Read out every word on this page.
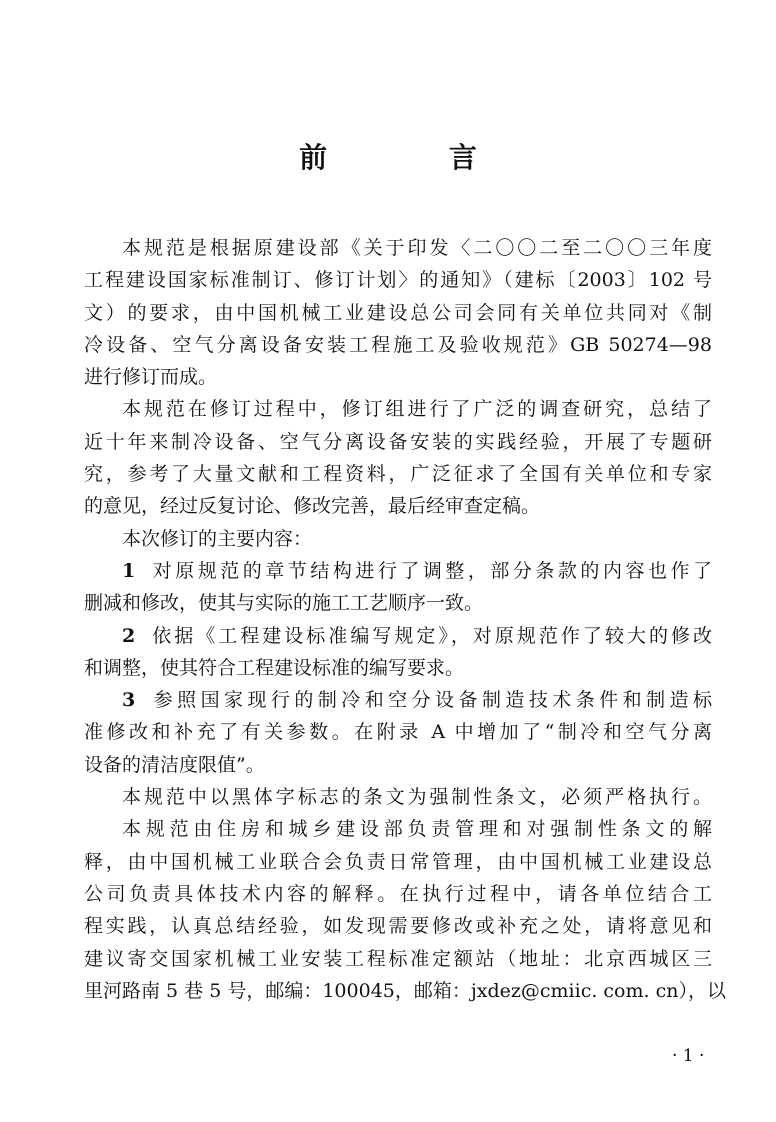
前 言
本规范是根据原建设部《关于印发〈二〇〇二至二〇〇三年度
工程建设国家标准制订、修订计划〉的通知》（建标〔2003〕102 号
文）的要求，由中国机械工业建设总公司会同有关单位共同对《制
冷设备、空气分离设备安装工程施工及验收规范》GB 50274—98
进行修订而成。
本规范在修订过程中，修订组进行了广泛的调查研究，总结了
近十年来制冷设备、空气分离设备安装的实践经验，开展了专题研
究，参考了大量文献和工程资料，广泛征求了全国有关单位和专家
的意见，经过反复讨论、修改完善，最后经审查定稿。
本次修订的主要内容：
1 对原规范的章节结构进行了调整，部分条款的内容也作了
删减和修改，使其与实际的施工工艺顺序一致。
2 依据《工程建设标准编写规定》，对原规范作了较大的修改
和调整，使其符合工程建设标准的编写要求。
3 参照国家现行的制冷和空分设备制造技术条件和制造标
准修改和补充了有关参数。在附录 A 中增加了“制冷和空气分离
设备的清洁度限值”。
本规范中以黑体字标志的条文为强制性条文，必须严格执行。
本规范由住房和城乡建设部负责管理和对强制性条文的解
释，由中国机械工业联合会负责日常管理，由中国机械工业建设总
公司负责具体技术内容的解释。在执行过程中，请各单位结合工
程实践，认真总结经验，如发现需要修改或补充之处，请将意见和
建议寄交国家机械工业安装工程标准定额站（地址：北京西城区三
里河路南 5 巷 5 号，邮编：100045，邮箱：jxdez@cmiic. com. cn），以
· 1 ·
